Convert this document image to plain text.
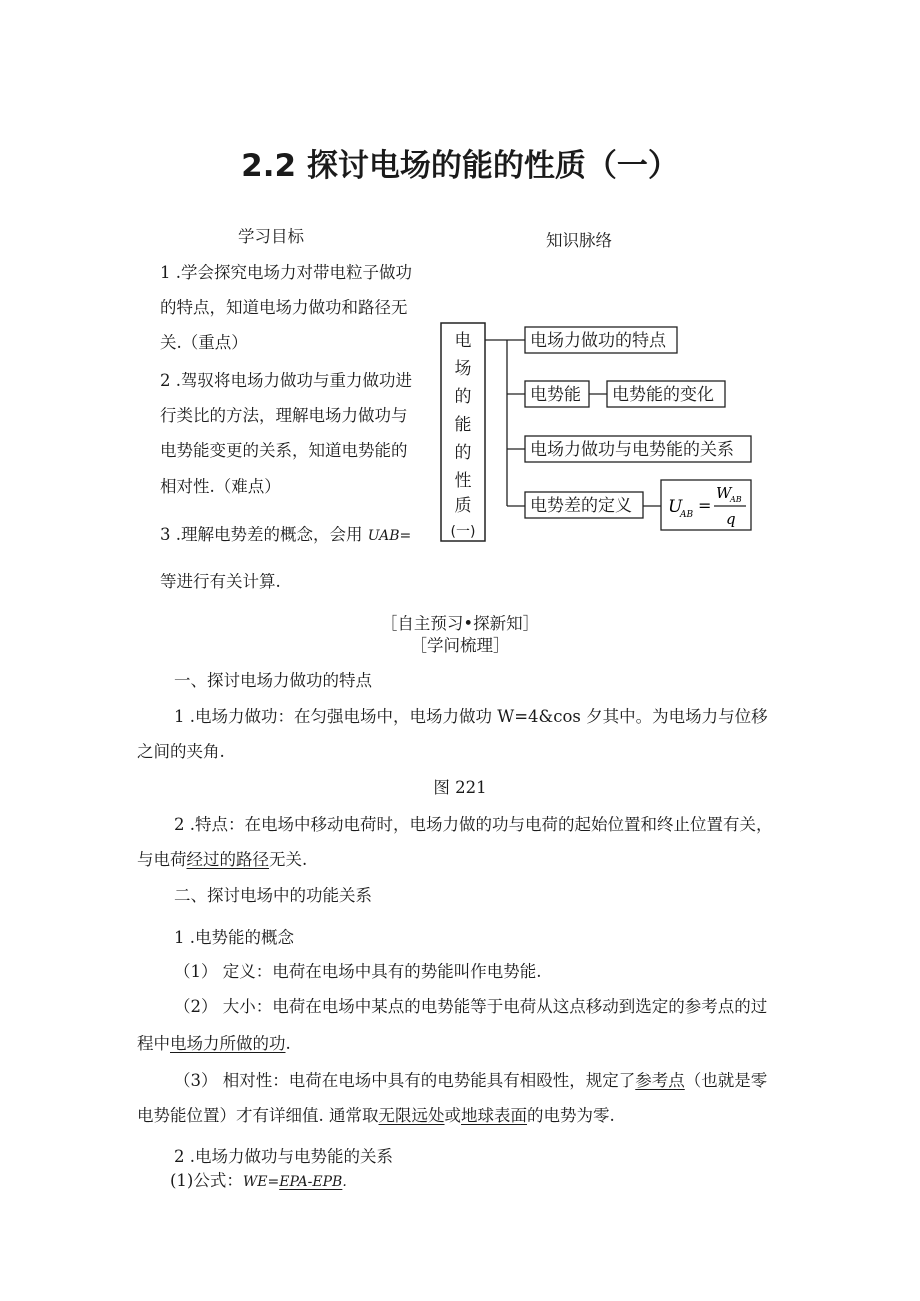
2.2 探讨电场的能的性质（一）
学习目标
1 .学会探究电场力对带电粒子做功
的特点，知道电场力做功和路径无
关.（重点）
2 .驾驭将电场力做功与重力做功进
行类比的方法，理解电场力做功与
电势能变更的关系，知道电势能的
相对性.（难点）
3 .理解电势差的概念，会用 UAB=
等进行有关计算.
知识脉络
电
场
的
能
的
性
质
(一)
电场力做功的特点
电势能 电势能的变化
电场力做功与电势能的关系
电势差的定义 U
AB =
W
AB
q
［自主预习•探新知］
［学问梳理］
一、探讨电场力做功的特点
1 .电场力做功：在匀强电场中，电场力做功 W=4&cos 夕其中。为电场力与位移
之间的夹角.
图 221
2 .特点：在电场中移动电荷时，电场力做的功与电荷的起始位置和终止位置有关，
与电荷经过的路径无关.
二、探讨电场中的功能关系
1 .电势能的概念
（1） 定义：电荷在电场中具有的势能叫作电势能.
（2） 大小：电荷在电场中某点的电势能等于电荷从这点移动到选定的参考点的过
程中电场力所做的功.
（3） 相对性：电荷在电场中具有的电势能具有相殴性，规定了参考点（也就是零
电势能位置）才有详细值. 通常取无限远处或地球表面的电势为零.
2 .电场力做功与电势能的关系
(1)公式：WE=EPA-EPB.
